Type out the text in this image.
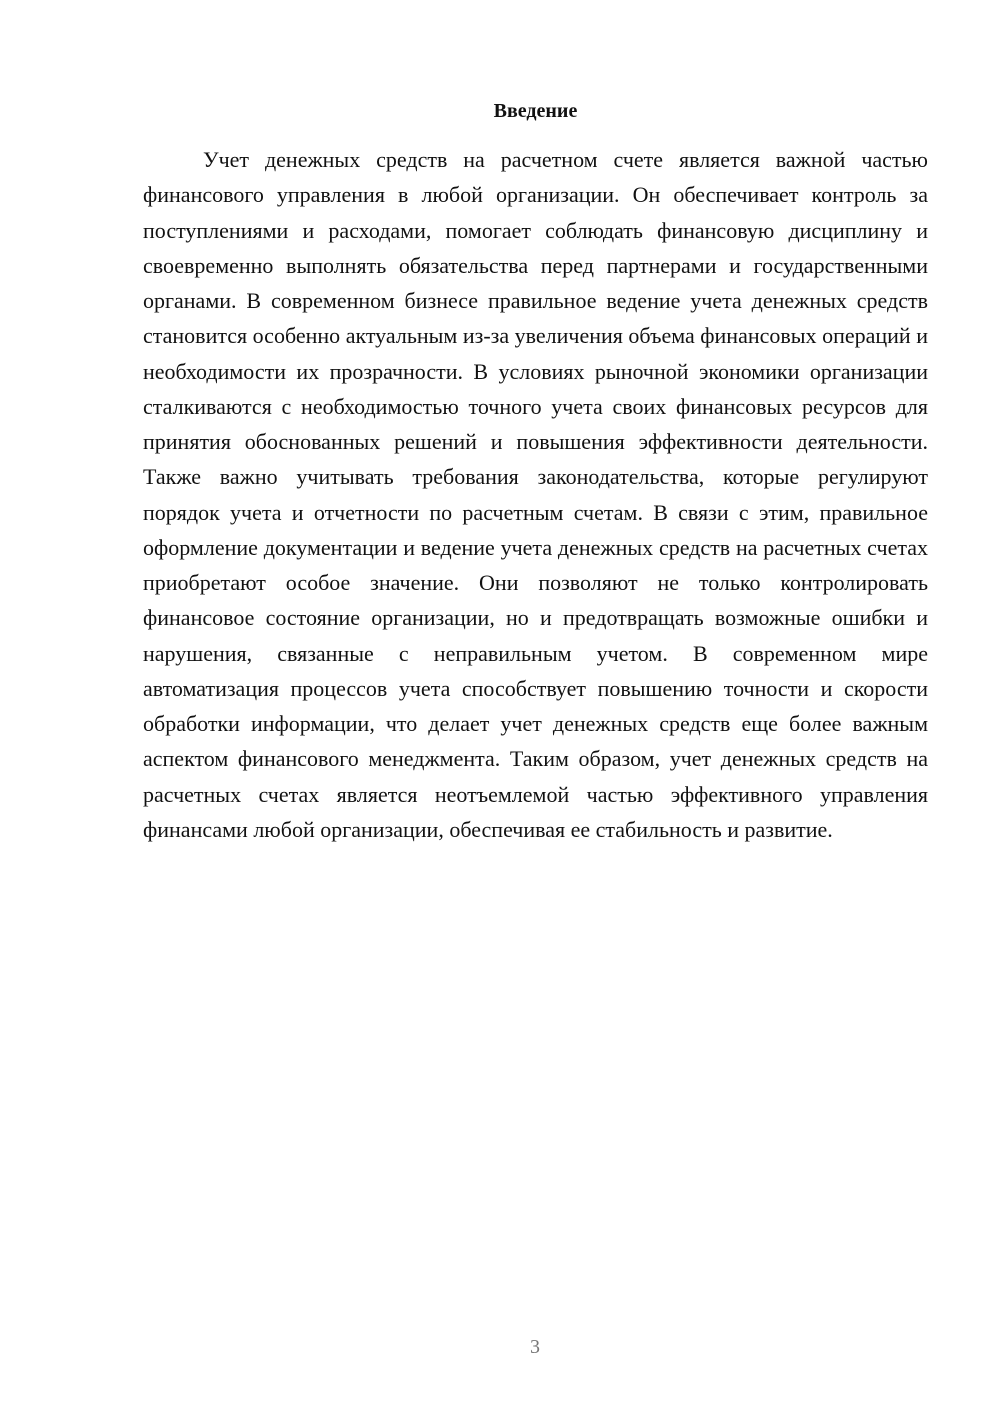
Введение

Учет денежных средств на расчетном счете является важной частью финансового управления в любой организации. Он обеспечивает контроль за поступлениями и расходами, помогает соблюдать финансовую дисциплину и своевременно выполнять обязательства перед партнерами и государственными органами. В современном бизнесе правильное ведение учета денежных средств становится особенно актуальным из-за увеличения объема финансовых операций и необходимости их прозрачности. В условиях рыночной экономики организации сталкиваются с необходимостью точного учета своих финансовых ресурсов для принятия обоснованных решений и повышения эффективности деятельности. Также важно учитывать требования законодательства, которые регулируют порядок учета и отчетности по расчетным счетам. В связи с этим, правильное оформление документации и ведение учета денежных средств на расчетных счетах приобретают особое значение. Они позволяют не только контролировать финансовое состояние организации, но и предотвращать возможные ошибки и нарушения, связанные с неправильным учетом. В современном мире автоматизация процессов учета способствует повышению точности и скорости обработки информации, что делает учет денежных средств еще более важным аспектом финансового менеджмента. Таким образом, учет денежных средств на расчетных счетах является неотъемлемой частью эффективного управления финансами любой организации, обеспечивая ее стабильность и развитие.

3
